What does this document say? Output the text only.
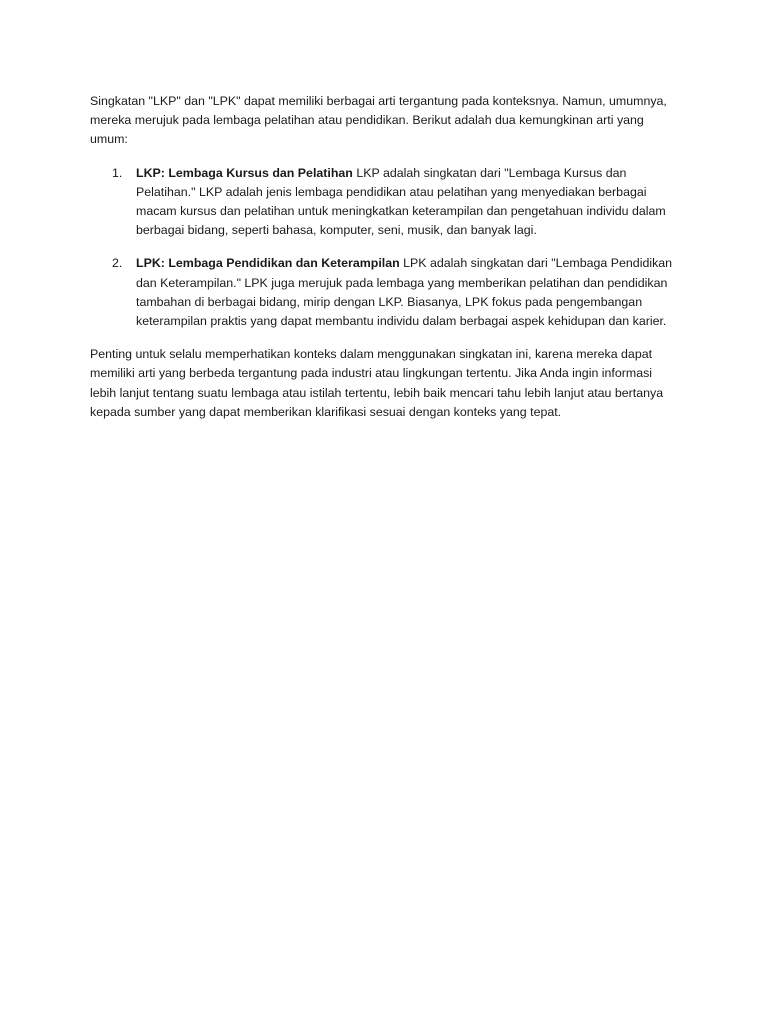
Singkatan "LKP" dan "LPK" dapat memiliki berbagai arti tergantung pada konteksnya. Namun, umumnya, mereka merujuk pada lembaga pelatihan atau pendidikan. Berikut adalah dua kemungkinan arti yang umum:

1. LKP: Lembaga Kursus dan Pelatihan LKP adalah singkatan dari "Lembaga Kursus dan Pelatihan." LKP adalah jenis lembaga pendidikan atau pelatihan yang menyediakan berbagai macam kursus dan pelatihan untuk meningkatkan keterampilan dan pengetahuan individu dalam berbagai bidang, seperti bahasa, komputer, seni, musik, dan banyak lagi.
2. LPK: Lembaga Pendidikan dan Keterampilan LPK adalah singkatan dari "Lembaga Pendidikan dan Keterampilan." LPK juga merujuk pada lembaga yang memberikan pelatihan dan pendidikan tambahan di berbagai bidang, mirip dengan LKP. Biasanya, LPK fokus pada pengembangan keterampilan praktis yang dapat membantu individu dalam berbagai aspek kehidupan dan karier.

Penting untuk selalu memperhatikan konteks dalam menggunakan singkatan ini, karena mereka dapat memiliki arti yang berbeda tergantung pada industri atau lingkungan tertentu. Jika Anda ingin informasi lebih lanjut tentang suatu lembaga atau istilah tertentu, lebih baik mencari tahu lebih lanjut atau bertanya kepada sumber yang dapat memberikan klarifikasi sesuai dengan konteks yang tepat.
